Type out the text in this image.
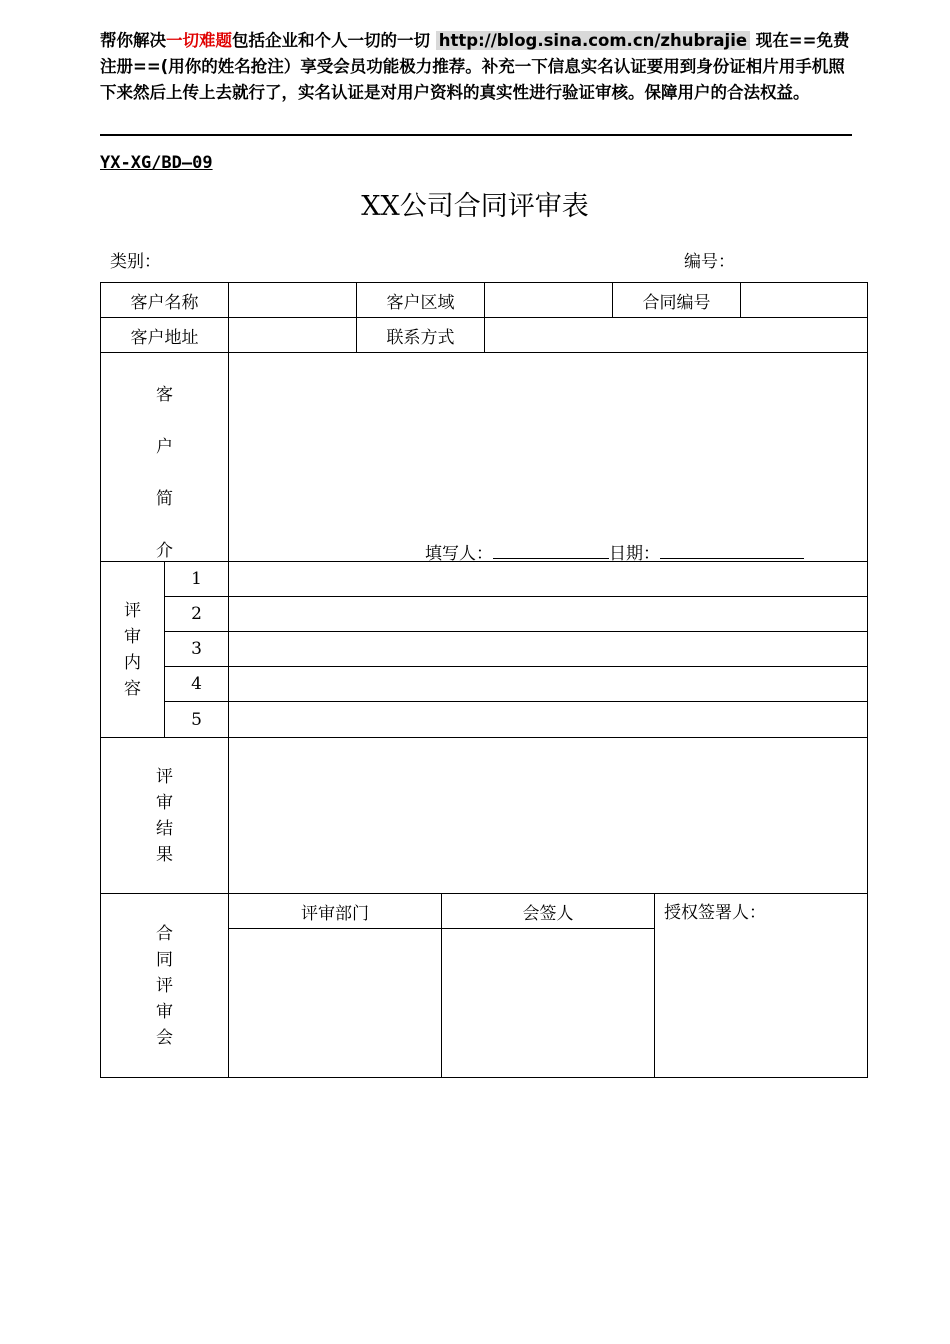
帮你解决一切难题包括企业和个人一切的一切 http://blog.sina.com.cn/zhubrajie 现在==免费注册==(用你的姓名抢注）享受会员功能极力推荐。补充一下信息实名认证要用到身份证相片用手机照下来然后上传上去就行了，实名认证是对用户资料的真实性进行验证审核。保障用户的合法权益。
YX-XG/BD—09
XX公司合同评审表
类别：	编号：
客户名称	客户区域	合同编号
客户地址	联系方式
客
户
简
介	填写人：	日期：
评
审
内
容
1
2
3
4
5
评
审
结
果
合
同
评
审
会
评审部门	会签人	授权签署人：
